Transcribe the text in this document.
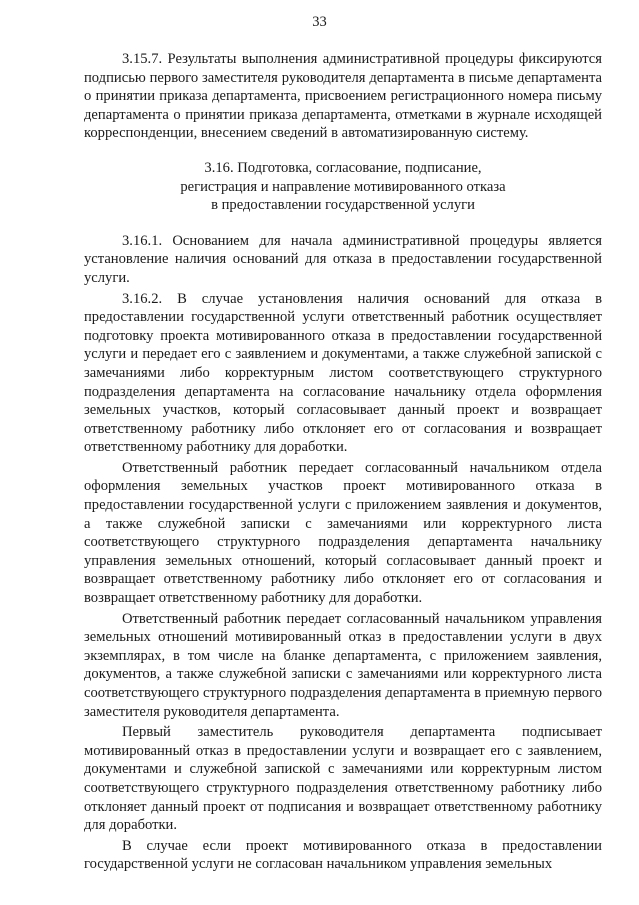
33

3.15.7. Результаты выполнения административной процедуры фиксируются подписью первого заместителя руководителя департамента в письме департамента о принятии приказа департамента, присвоением регистрационного номера письму департамента о принятии приказа департамента, отметками в журнале исходящей корреспонденции, внесением сведений в автоматизированную систему.

3.16. Подготовка, согласование, подписание,
регистрация и направление мотивированного отказа
в предоставлении государственной услуги

3.16.1. Основанием для начала административной процедуры является установление наличия оснований для отказа в предоставлении государственной услуги.

3.16.2. В случае установления наличия оснований для отказа в предоставлении государственной услуги ответственный работник осуществляет подготовку проекта мотивированного отказа в предоставлении государственной услуги и передает его с заявлением и документами, а также служебной запиской с замечаниями либо корректурным листом соответствующего структурного подразделения департамента на согласование начальнику отдела оформления земельных участков, который согласовывает данный проект и возвращает ответственному работнику либо отклоняет его от согласования и возвращает ответственному работнику для доработки.

Ответственный работник передает согласованный начальником отдела оформления земельных участков проект мотивированного отказа в предоставлении государственной услуги с приложением заявления и документов, а также служебной записки с замечаниями или корректурного листа соответствующего структурного подразделения департамента начальнику управления земельных отношений, который согласовывает данный проект и возвращает ответственному работнику либо отклоняет его от согласования и возвращает ответственному работнику для доработки.

Ответственный работник передает согласованный начальником управления земельных отношений мотивированный отказ в предоставлении услуги в двух экземплярах, в том числе на бланке департамента, с приложением заявления, документов, а также служебной записки с замечаниями или корректурного листа соответствующего структурного подразделения департамента в приемную первого заместителя руководителя департамента.

Первый заместитель руководителя департамента подписывает мотивированный отказ в предоставлении услуги и возвращает его с заявлением, документами и служебной запиской с замечаниями или корректурным листом соответствующего структурного подразделения ответственному работнику либо отклоняет данный проект от подписания и возвращает ответственному работнику для доработки.

В случае если проект мотивированного отказа в предоставлении государственной услуги не согласован начальником управления земельных
